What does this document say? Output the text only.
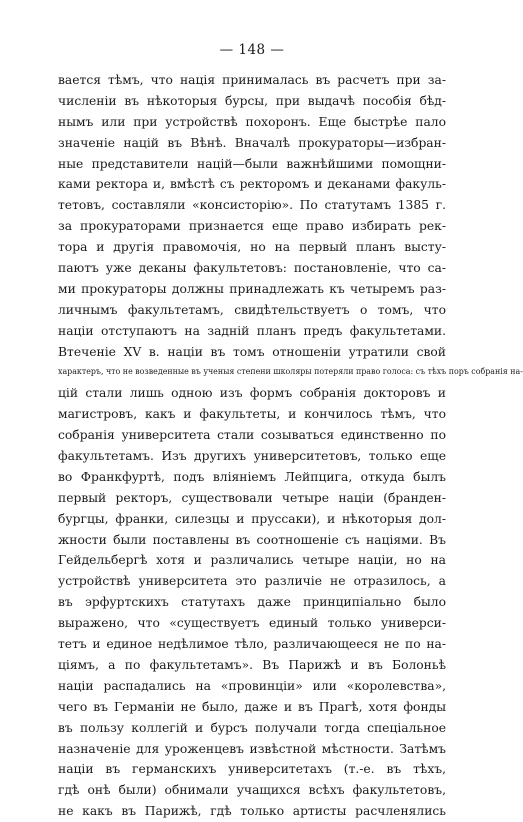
— 148 —
вается тѣмъ, что нація принималась въ расчетъ при за-
численіи въ нѣкоторыя бурсы, при выдачѣ пособія бѣд-
нымъ или при устройствѣ похоронъ. Еще быстрѣе пало
значеніе націй въ Вѣнѣ. Вначалѣ прокураторы—избран-
ные представители націй—были важнѣйшими помощни-
ками ректора и, вмѣстѣ съ ректоромъ и деканами факуль-
тетовъ, составляли «консисторію». По статутамъ 1385 г.
за прокураторами признается еще право избирать рек-
тора и другія правомочія, но на первый планъ высту-
паютъ уже деканы факультетовъ: постановленіе, что са-
ми прокураторы должны принадлежать къ четыремъ раз-
личнымъ факультетамъ, свидѣтельствуетъ о томъ, что
націи отступаютъ на задній планъ предъ факультетами.
Втеченіе XV в. націи въ томъ отношеніи утратили свой
характеръ, что не возведенные въ ученыя степени школяры потеряли право голоса: съ тѣхъ поръ собранія на-
цій стали лишь одною изъ формъ собранія докторовъ и
магистровъ, какъ и факультеты, и кончилось тѣмъ, что
собранія университета стали созываться единственно по
факультетамъ. Изъ другихъ университетовъ, только еще
во Франкфуртѣ, подъ вліяніемъ Лейпцига, откуда былъ
первый ректоръ, существовали четыре націи (бранден-
бургцы, франки, силезцы и пруссаки), и нѣкоторыя дол-
жности были поставлены въ соотношеніе съ націями. Въ
Гейдельбергѣ хотя и различались четыре націи, но на
устройствѣ университета это различіе не отразилось, а
въ эрфуртскихъ статутахъ даже принципіально было
выражено, что «существуетъ единый только универси-
тетъ и единое недѣлимое тѣло, различающееся не по на-
ціямъ, а по факультетамъ». Въ Парижѣ и въ Болоньѣ
націи распадались на «провинціи» или «королевства»,
чего въ Германіи не было, даже и въ Прагѣ, хотя фонды
въ пользу коллегій и бурсъ получали тогда спеціальное
назначеніе для уроженцевъ извѣстной мѣстности. Затѣмъ
націи въ германскихъ университетахъ (т.-е. въ тѣхъ,
гдѣ онѣ были) обнимали учащихся всѣхъ факультетовъ,
не какъ въ Парижѣ, гдѣ только артисты расчленялись
